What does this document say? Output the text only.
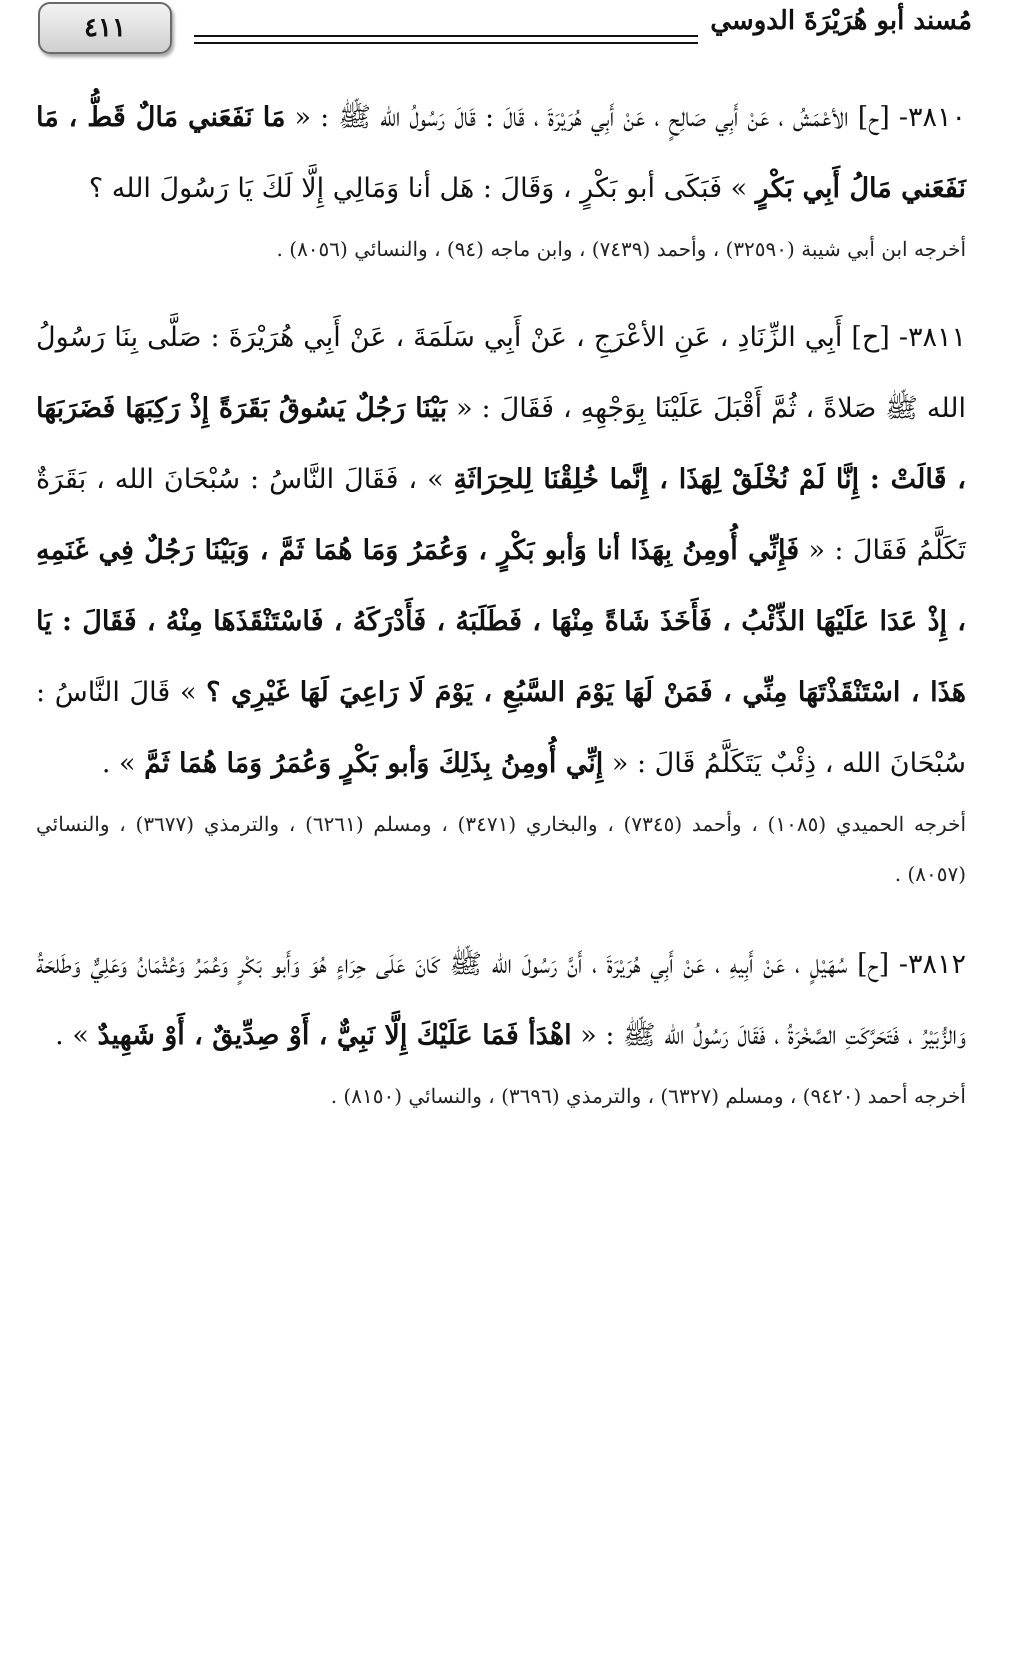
٤١١	مُسند أبو هُرَيْرَةَ الدوسي

٣٨١٠- [ح] الأعْمَشُ ، عَنْ أَبِي صَالِحٍ ، عَنْ أَبِي هُرَيْرَةَ ، قَالَ : قَالَ رَسُولُ الله ﷺ : « مَا نَفَعَني مَالٌ قَطُّ ، مَا نَفَعَني مَالُ أَبِي بَكْرٍ » فَبَكَى أبو بَكْرٍ ، وَقَالَ : هَل أنا وَمَالِي إِلَّا لَكَ يَا رَسُولَ الله ؟

أخرجه ابن أبي شيبة (٣٢٥٩٠) ، وأحمد (٧٤٣٩) ، وابن ماجه (٩٤) ، والنسائي (٨٠٥٦) .

٣٨١١- [ح] أَبِي الزِّنَادِ ، عَنِ الأعْرَجِ ، عَنْ أَبِي سَلَمَةَ ، عَنْ أَبِي هُرَيْرَةَ : صَلَّى بِنَا رَسُولُ الله ﷺ صَلاةً ، ثُمَّ أَقْبَلَ عَلَيْنَا بِوَجْهِهِ ، فَقَالَ : « بَيْنَا رَجُلٌ يَسُوقُ بَقَرَةً إِذْ رَكِبَهَا فَضَرَبَهَا ، قَالَتْ : إِنَّا لَمْ نُخْلَقْ لِهَذَا ، إِنَّما خُلِقْنَا لِلحِرَاثَةِ » ، فَقَالَ النَّاسُ : سُبْحَانَ الله ، بَقَرَةٌ تَكَلَّمُ فَقَالَ : « فَإِنِّي أُومِنُ بِهَذَا أنا وَأبو بَكْرٍ ، وَعُمَرُ وَمَا هُمَا ثَمَّ ، وَبَيْنَا رَجُلٌ فِي غَنَمِهِ ، إِذْ عَدَا عَلَيْهَا الذِّئْبُ ، فَأَخَذَ شَاةً مِنْهَا ، فَطَلَبَهُ ، فَأَدْرَكَهُ ، فَاسْتَنْقَذَهَا مِنْهُ ، فَقَالَ : يَا هَذَا ، اسْتَنْقَذْتَهَا مِنِّي ، فَمَنْ لَهَا يَوْمَ السَّبُعِ ، يَوْمَ لَا رَاعِيَ لَهَا غَيْرِي ؟ » قَالَ النَّاسُ : سُبْحَانَ الله ، ذِئْبٌ يَتَكَلَّمُ قَالَ : « إِنِّي أُومِنُ بِذَلِكَ وَأبو بَكْرٍ وَعُمَرُ وَمَا هُمَا ثَمَّ » .

أخرجه الحميدي (١٠٨٥) ، وأحمد (٧٣٤٥) ، والبخاري (٣٤٧١) ، ومسلم (٦٢٦١) ، والترمذي (٣٦٧٧) ، والنسائي (٨٠٥٧) .

٣٨١٢- [ح] سُهَيْلٍ ، عَنْ أَبِيهِ ، عَنْ أَبِي هُرَيْرَةَ ، أَنَّ رَسُولَ الله ﷺ كَانَ عَلَى حِرَاءٍ هُوَ وَأَبو بَكْرٍ وَعُمَرُ وَعُثْمَانُ وَعَلِيٌّ وَطَلحَةُ وَالزُّبَيْرُ ، فَتَحَرَّكَتِ الصَّخْرَةُ ، فَقَالَ رَسُولُ الله ﷺ : « اهْدَأ فَمَا عَلَيْكَ إِلَّا نَبِيٌّ ، أَوْ صِدِّيقٌ ، أَوْ شَهِيدٌ » .

أخرجه أحمد (٩٤٢٠) ، ومسلم (٦٣٢٧) ، والترمذي (٣٦٩٦) ، والنسائي (٨١٥٠) .
